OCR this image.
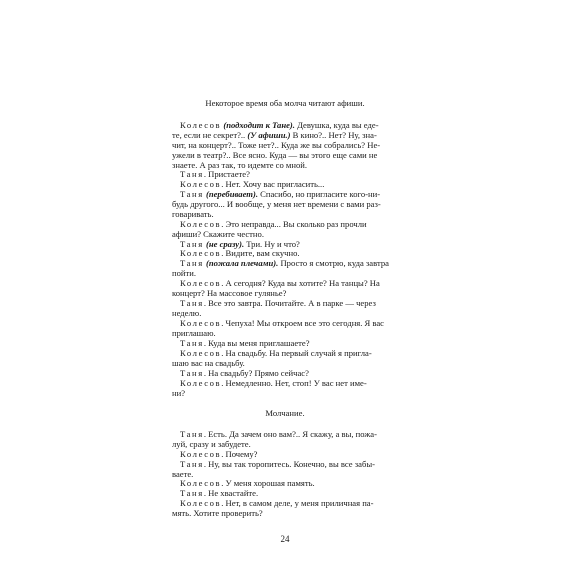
Некоторое время оба молча читают афиши.
Колесов (подходит к Тане). Девушка, куда вы еде-
те, если не секрет?.. (У афиши.) В кино?.. Нет? Ну, зна-
чит, на концерт?.. Тоже нет?.. Куда же вы собрались? Не-
ужели в театр?.. Все ясно. Куда — вы этого еще сами не
знаете. А раз так, то идемте со мной.
Таня. Пристаете?
Колесов. Нет. Хочу вас пригласить...
Таня (перебивает). Спасибо, но пригласите кого-ни-
будь другого... И вообще, у меня нет времени с вами раз-
говаривать.
Колесов. Это неправда... Вы сколько раз прочли
афиши? Скажите честно.
Таня (не сразу). Три. Ну и что?
Колесов. Видите, вам скучно.
Таня (пожала плечами). Просто я смотрю, куда завтра
пойти.
Колесов. А сегодня? Куда вы хотите? На танцы? На
концерт? На массовое гулянье?
Таня. Все это завтра. Почитайте. А в парке — через
неделю.
Колесов. Чепуха! Мы откроем все это сегодня. Я вас
приглашаю.
Таня. Куда вы меня приглашаете?
Колесов. На свадьбу. На первый случай я пригла-
шаю вас на свадьбу.
Таня. На свадьбу? Прямо сейчас?
Колесов. Немедленно. Нет, стоп! У вас нет име-
ни?
Молчание.
Таня. Есть. Да зачем оно вам?.. Я скажу, а вы, пожа-
луй, сразу и забудете.
Колесов. Почему?
Таня. Ну, вы так торопитесь. Конечно, вы все забы-
ваете.
Колесов. У меня хорошая память.
Таня. Не хвастайте.
Колесов. Нет, в самом деле, у меня приличная па-
мять. Хотите проверить?
24
